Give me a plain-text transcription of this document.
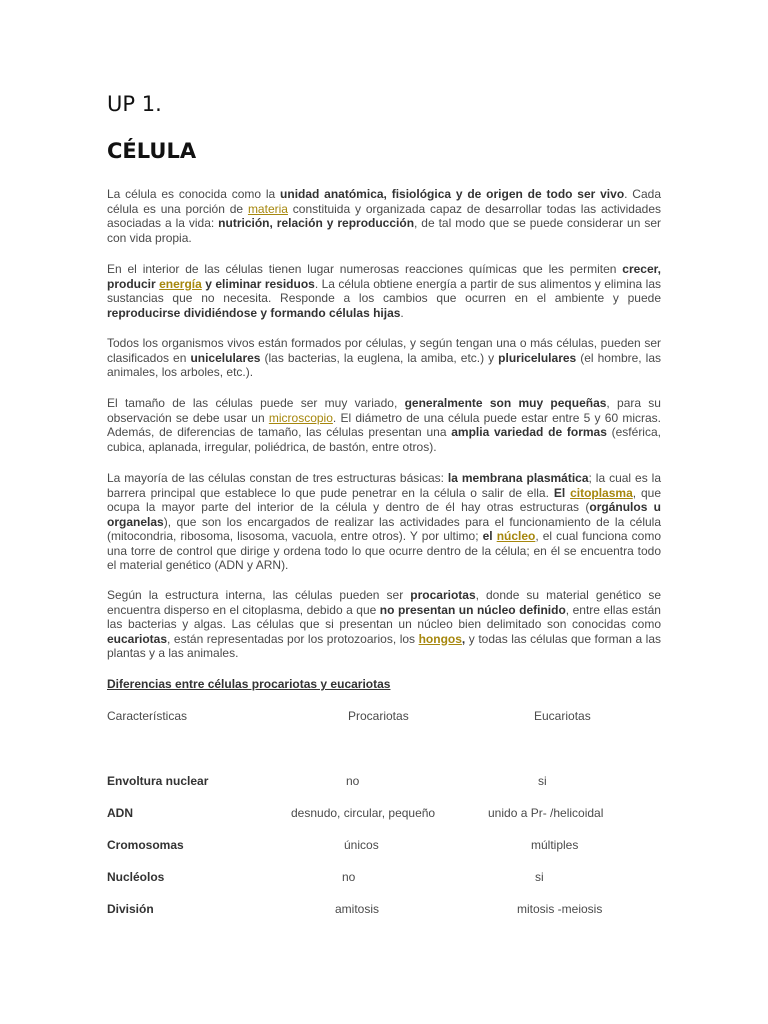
UP 1.
CÉLULA

La célula es conocida como la unidad anatómica, fisiológica y de origen de todo ser vivo. Cada célula es una porción de materia constituida y organizada capaz de desarrollar todas las actividades asociadas a la vida: nutrición, relación y reproducción, de tal modo que se puede considerar un ser con vida propia.

En el interior de las células tienen lugar numerosas reacciones químicas que les permiten crecer, producir energía y eliminar residuos. La célula obtiene energía a partir de sus alimentos y elimina las sustancias que no necesita. Responde a los cambios que ocurren en el ambiente y puede reproducirse dividiéndose y formando células hijas.

Todos los organismos vivos están formados por células, y según tengan una o más células, pueden ser clasificados en unicelulares (las bacterias, la euglena, la amiba, etc.) y pluricelulares (el hombre, las animales, los arboles, etc.).

El tamaño de las células puede ser muy variado, generalmente son muy pequeñas, para su observación se debe usar un microscopio. El diámetro de una célula puede estar entre 5 y 60 micras. Además, de diferencias de tamaño, las células presentan una amplia variedad de formas (esférica, cubica, aplanada, irregular, poliédrica, de bastón, entre otros).

La mayoría de las células constan de tres estructuras básicas: la membrana plasmática; la cual es la barrera principal que establece lo que pude penetrar en la célula o salir de ella. El citoplasma, que ocupa la mayor parte del interior de la célula y dentro de él hay otras estructuras (orgánulos u organelas), que son los encargados de realizar las actividades para el funcionamiento de la célula (mitocondria, ribosoma, lisosoma, vacuola, entre otros). Y por ultimo; el núcleo, el cual funciona como una torre de control que dirige y ordena todo lo que ocurre dentro de la célula; en él se encuentra todo el material genético (ADN y ARN).

Según la estructura interna, las células pueden ser procariotas, donde su material genético se encuentra disperso en el citoplasma, debido a que no presentan un núcleo definido, entre ellas están las bacterias y algas. Las células que si presentan un núcleo bien delimitado son conocidas como eucariotas, están representadas por los protozoarios, los hongos, y todas las células que forman a las plantas y a las animales.

Diferencias entre células procariotas y eucariotas
Características	Procariotas	Eucariotas
Envoltura nuclear	no	si
ADN	desnudo, circular, pequeño	unido a Pr- /helicoidal
Cromosomas	únicos	múltiples
Nucléolos	no	si
División	amitosis	mitosis -meiosis
